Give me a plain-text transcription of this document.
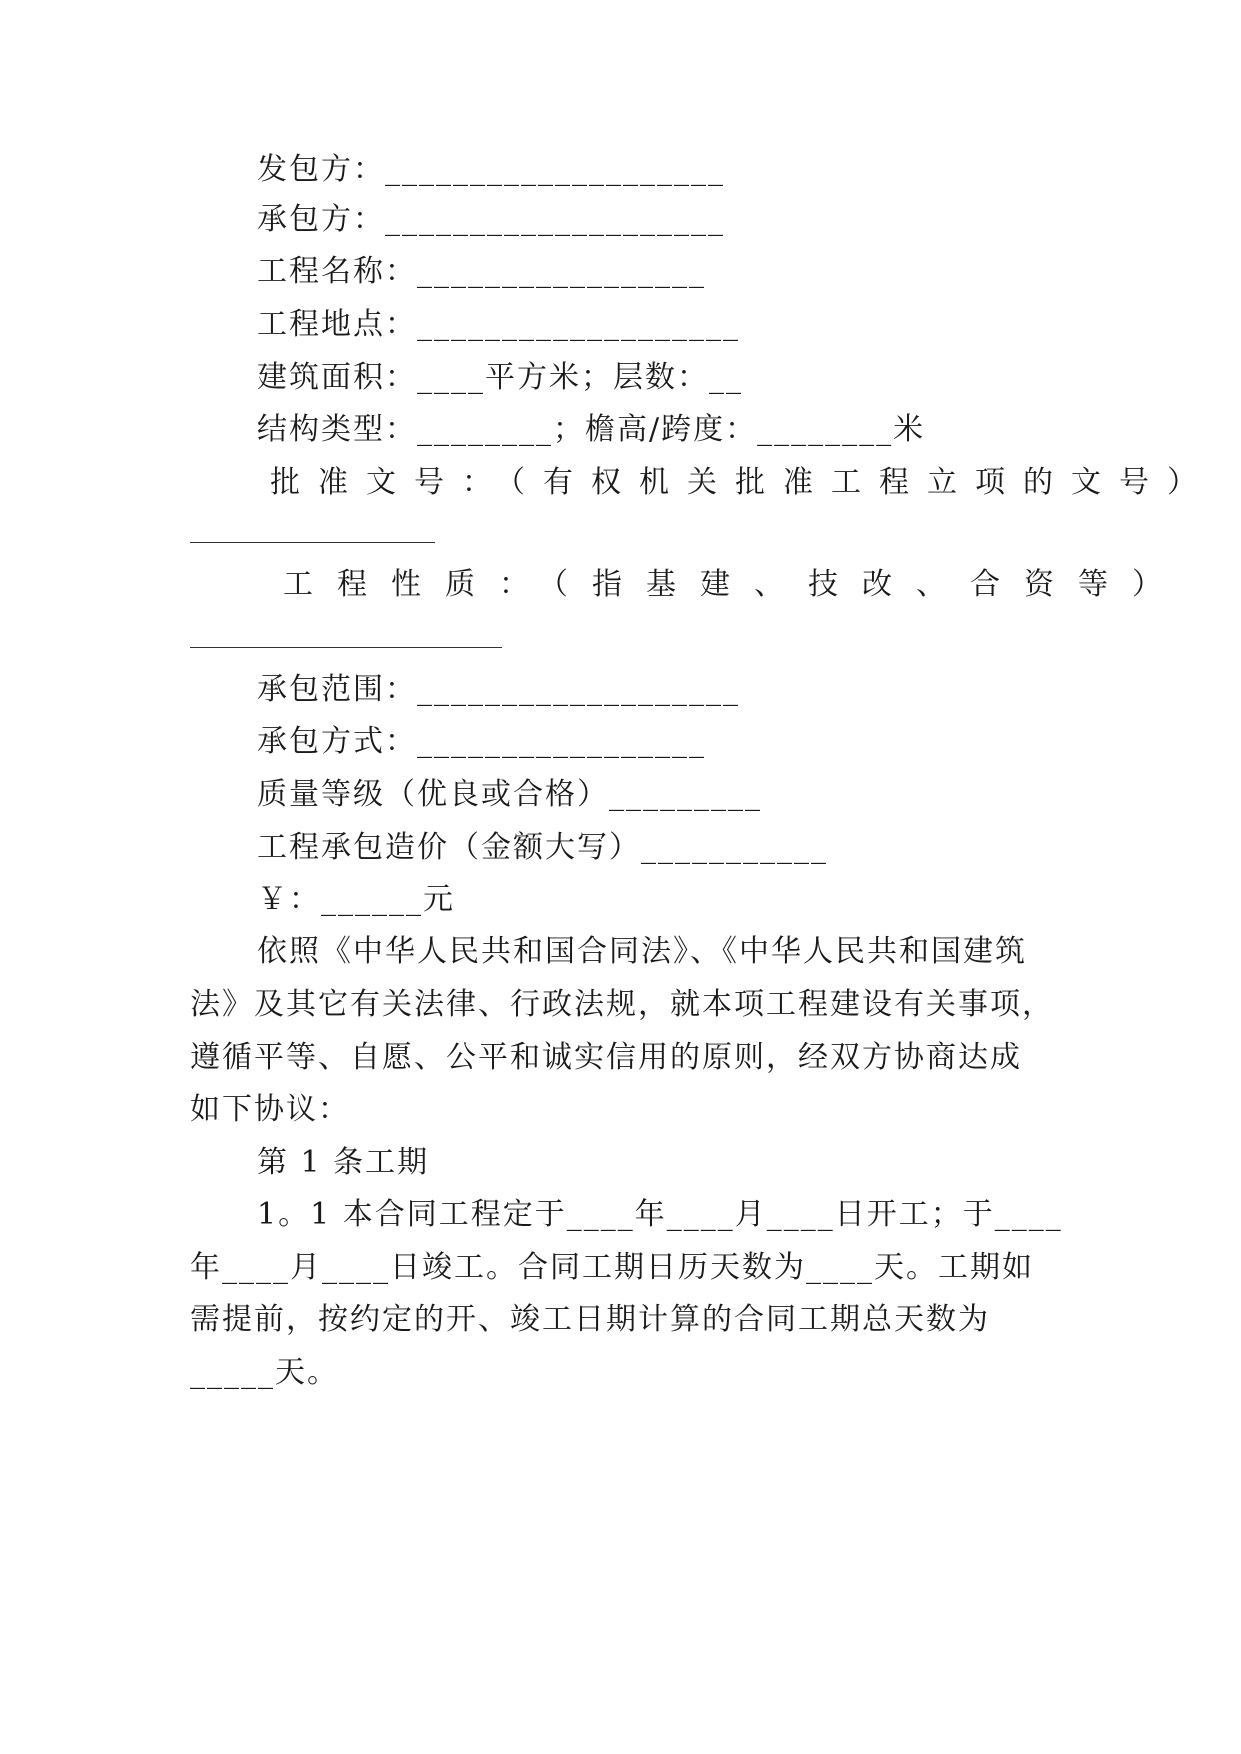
发包方：____________________
承包方：____________________
工程名称：_________________
工程地点：___________________
建筑面积：____平方米；层数：__
结构类型：________；檐高/跨度：________米
批准文号：（有权机关批准工程立项的文号）
工程性质：（指基建、技改、合资等）
承包范围：___________________
承包方式：_________________
质量等级（优良或合格）_________
工程承包造价（金额大写）___________
￥：______元
依照《中华人民共和国合同法》、《中华人民共和国建筑
法》及其它有关法律、行政法规，就本项工程建设有关事项，
遵循平等、自愿、公平和诚实信用的原则，经双方协商达成
如下协议：
第 1 条工期
1。1 本合同工程定于____年____月____日开工；于____
年____月____日竣工。合同工期日历天数为____天。工期如
需提前，按约定的开、竣工日期计算的合同工期总天数为
_____天。
